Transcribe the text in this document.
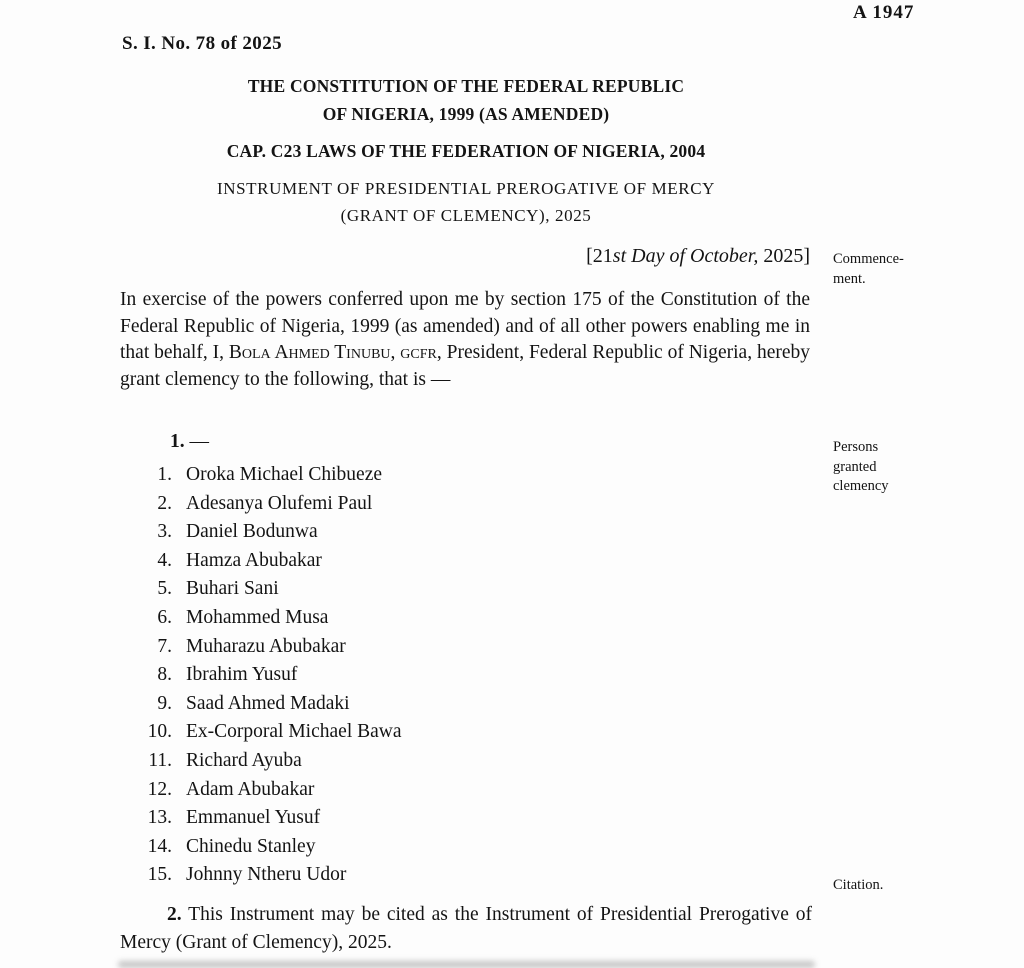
A 1947
S. I. No. 78 of 2025
THE CONSTITUTION OF THE FEDERAL REPUBLIC
OF NIGERIA, 1999 (AS AMENDED)
CAP. C23 LAWS OF THE FEDERATION OF NIGERIA, 2004
INSTRUMENT OF PRESIDENTIAL PREROGATIVE OF MERCY
(GRANT OF CLEMENCY), 2025
[21st Day of October, 2025] Commence-
ment.
Persons
granted
clemency
Citation.
In exercise of the powers conferred upon me by section 175 of the Constitution of the Federal Republic of Nigeria, 1999 (as amended) and of all other powers enabling me in that behalf, I, Bola Ahmed Tinubu, gcfr, President, Federal Republic of Nigeria, hereby grant clemency to the following, that is —
1. —
1. Oroka Michael Chibueze
2. Adesanya Olufemi Paul
3. Daniel Bodunwa
4. Hamza Abubakar
5. Buhari Sani
6. Mohammed Musa
7. Muharazu Abubakar
8. Ibrahim Yusuf
9. Saad Ahmed Madaki
10. Ex-Corporal Michael Bawa
11. Richard Ayuba
12. Adam Abubakar
13. Emmanuel Yusuf
14. Chinedu Stanley
15. Johnny Ntheru Udor
2. This Instrument may be cited as the Instrument of Presidential Prerogative of Mercy (Grant of Clemency), 2025.
